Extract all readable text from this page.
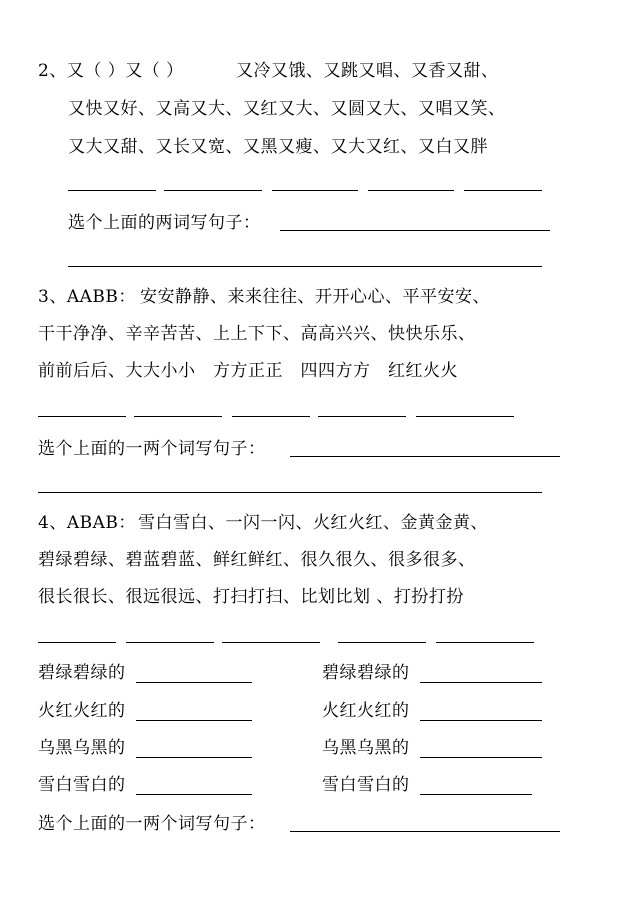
2、又（ ）又（ ）	又冷又饿、又跳又唱、又香又甜、
又快又好、又高又大、又红又大、又圆又大、又唱又笑、
又大又甜、又长又宽、又黑又瘦、又大又红、又白又胖
选个上面的两词写句子：
3、AABB： 安安静静、来来往往、开开心心、平平安安、
干干净净、辛辛苦苦、上上下下、高高兴兴、快快乐乐、
前前后后、大大小小　方方正正　四四方方　红红火火
选个上面的一两个词写句子：
4、ABAB： 雪白雪白、一闪一闪、火红火红、金黄金黄、
碧绿碧绿、碧蓝碧蓝、鲜红鲜红、很久很久、很多很多、
很长很长、很远很远、打扫打扫、比划比划 、打扮打扮
碧绿碧绿的	碧绿碧绿的
火红火红的	火红火红的
乌黑乌黑的	乌黑乌黑的
雪白雪白的	雪白雪白的
选个上面的一两个词写句子：
